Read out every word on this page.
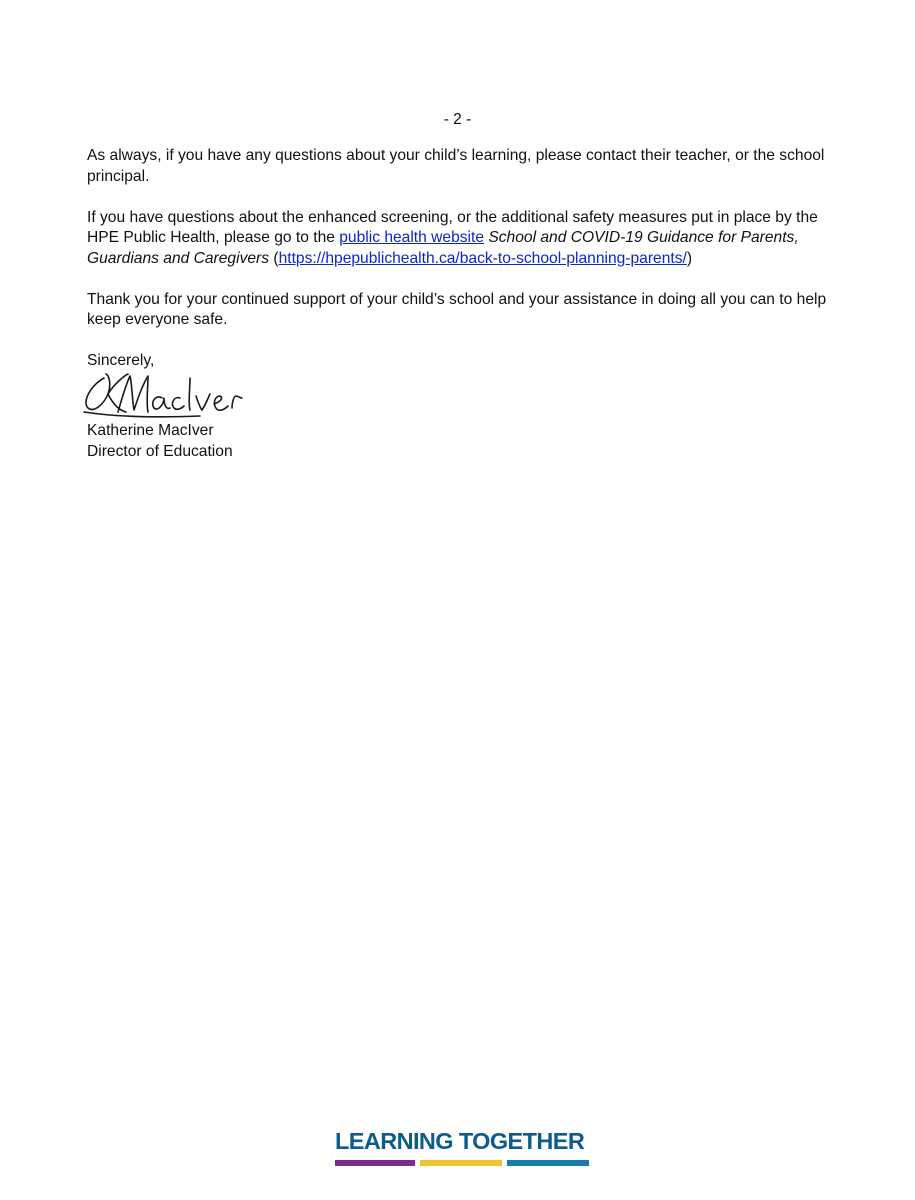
- 2 -

As always, if you have any questions about your child’s learning, please contact their teacher, or the school principal.

If you have questions about the enhanced screening, or the additional safety measures put in place by the HPE Public Health, please go to the public health website School and COVID-19 Guidance for Parents, Guardians and Caregivers (https://hpepublichealth.ca/back-to-school-planning-parents/)

Thank you for your continued support of your child’s school and your assistance in doing all you can to help keep everyone safe.

Sincerely,

Katherine MacIver
Director of Education
LEARNING TOGETHER
